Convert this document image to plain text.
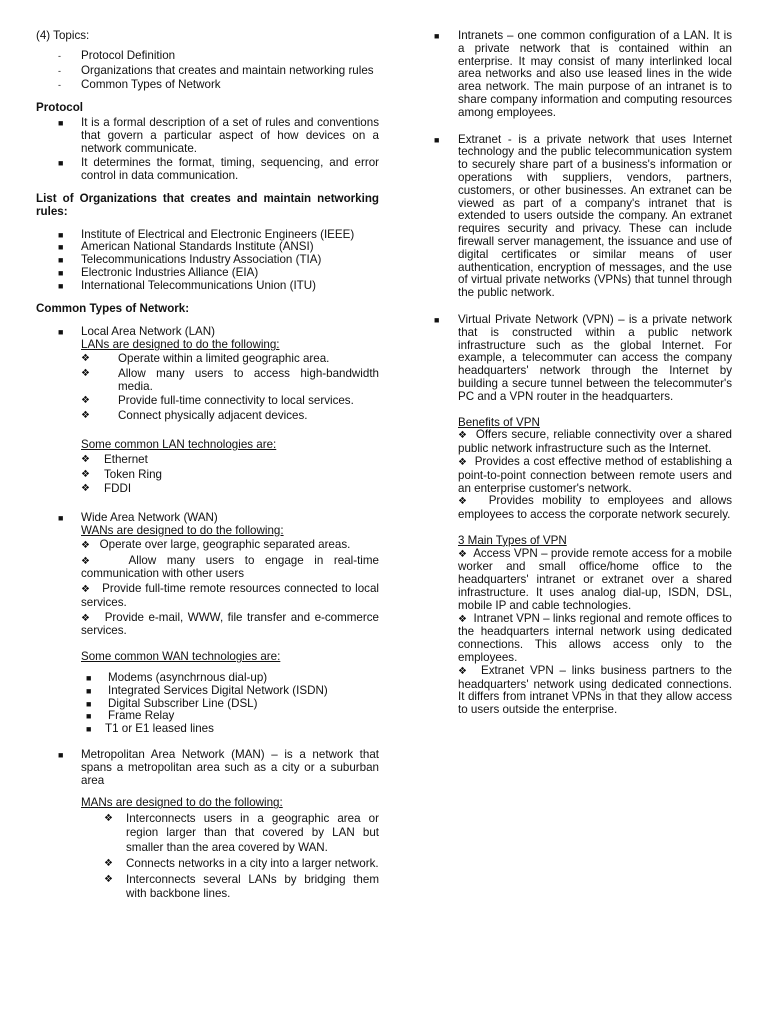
(4) Topics:

- Protocol Definition
- Organizations that creates and maintain networking rules
- Common Types of Network

Protocol

■ It is a formal description of a set of rules and conventions that govern a particular aspect of how devices on a network communicate.
■ It determines the format, timing, sequencing, and error control in data communication.

List of Organizations that creates and maintain networking rules:

■ Institute of Electrical and Electronic Engineers (IEEE)
■ American National Standards Institute (ANSI)
■ Telecommunications Industry Association (TIA)
■ Electronic Industries Alliance (EIA)
■ International Telecommunications Union (ITU)

Common Types of Network:

■ Local Area Network (LAN)

LANs are designed to do the following:

❖ Operate within a limited geographic area.
❖ Allow many users to access high-bandwidth media.
❖ Provide full-time connectivity to local services.
❖ Connect physically adjacent devices.

Some common LAN technologies are:

❖ Ethernet
❖ Token Ring
❖ FDDI
■ Wide Area Network (WAN)

WANs are designed to do the following:

❖ Operate over large, geographic separated areas.

❖	Allow many users to engage in real-time communication with other users

❖ Provide full-time remote resources connected to local services.

❖ Provide e-mail, WWW, file transfer and e-commerce services.

Some common WAN technologies are:

■ Modems (asynchrnous dial-up)
■ Integrated Services Digital Network (ISDN)
■ Digital Subscriber Line (DSL)
■ Frame Relay
■ T1 or E1 leased lines
■ Metropolitan Area Network (MAN) – is a network that spans a metropolitan area such as a city or a suburban area

MANs are designed to do the following:

❖ Interconnects users in a geographic area or region larger than that covered by LAN but smaller than the area covered by WAN.
❖ Connects networks in a city into a larger network.
❖ Interconnects several LANs by bridging them with backbone lines.
■ Intranets – one common configuration of a LAN. It is a private network that is contained within an enterprise. It may consist of many interlinked local area networks and also use leased lines in the wide area network. The main purpose of an intranet is to share company information and computing resources among employees.
■ Extranet - is a private network that uses Internet technology and the public telecommunication system to securely share part of a business's information or operations with suppliers, vendors, partners, customers, or other businesses. An extranet can be viewed as part of a company's intranet that is extended to users outside the company. An extranet requires security and privacy. These can include firewall server management, the issuance and use of digital certificates or similar means of user authentication, encryption of messages, and the use of virtual private networks (VPNs) that tunnel through the public network.
■ Virtual Private Network (VPN) – is a private network that is constructed within a public network infrastructure such as the global Internet. For example, a telecommuter can access the company headquarters' network through the Internet by building a secure tunnel between the telecommuter's PC and a VPN router in the headquarters.

Benefits of VPN

❖ Offers secure, reliable connectivity over a shared public network infrastructure such as the Internet.

❖ Provides a cost effective method of establishing a point-to-point connection between remote users and an enterprise customer's network.

❖ Provides mobility to employees and allows employees to access the corporate network securely.

3 Main Types of VPN

❖ Access VPN – provide remote access for a mobile worker and small office/home office to the headquarters' intranet or extranet over a shared infrastructure. It uses analog dial-up, ISDN, DSL, mobile IP and cable technologies.

❖ Intranet VPN – links regional and remote offices to the headquarters internal network using dedicated connections. This allows access only to the employees.

❖ Extranet VPN – links business partners to the headquarters' network using dedicated connections. It differs from intranet VPNs in that they allow access to users outside the enterprise.
